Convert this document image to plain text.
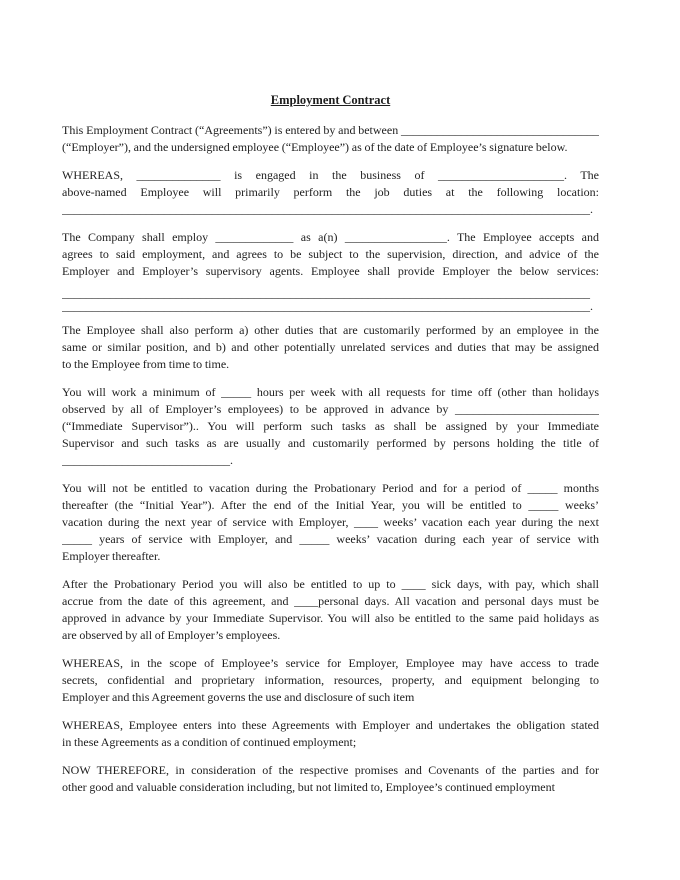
Employment Contract
This Employment Contract (“Agreements”) is entered by and between _________________________________
(“Employer”), and the undersigned employee (“Employee”) as of the date of Employee’s signature below.
WHEREAS, ______________ is engaged in the business of _____________________. The
above-named Employee will primarily perform the job duties at the following location:
________________________________________________________________________________________.
The Company shall employ _____________ as a(n) _________________. The Employee accepts and
agrees to said employment, and agrees to be subject to the supervision, direction, and advice of the
Employer and Employer’s supervisory agents. Employee shall provide Employer the below services:
________________________________________________________________________________________
________________________________________________________________________________________.
The Employee shall also perform a) other duties that are customarily performed by an employee in the
same or similar position, and b) and other potentially unrelated services and duties that may be assigned
to the Employee from time to time.
You will work a minimum of _____ hours per week with all requests for time off (other than holidays
observed by all of Employer’s employees) to be approved in advance by ________________________
(“Immediate Supervisor”).. You will perform such tasks as shall be assigned by your Immediate
Supervisor and such tasks as are usually and customarily performed by persons holding the title of
____________________________.
You will not be entitled to vacation during the Probationary Period and for a period of _____ months
thereafter (the “Initial Year”). After the end of the Initial Year, you will be entitled to _____ weeks’
vacation during the next year of service with Employer, ____ weeks’ vacation each year during the next
_____ years of service with Employer, and _____ weeks’ vacation during each year of service with
Employer thereafter.
After the Probationary Period you will also be entitled to up to ____ sick days, with pay, which shall
accrue from the date of this agreement, and ____personal days. All vacation and personal days must be
approved in advance by your Immediate Supervisor. You will also be entitled to the same paid holidays as
are observed by all of Employer’s employees.
WHEREAS, in the scope of Employee’s service for Employer, Employee may have access to trade
secrets, confidential and proprietary information, resources, property, and equipment belonging to
Employer and this Agreement governs the use and disclosure of such item
WHEREAS, Employee enters into these Agreements with Employer and undertakes the obligation stated
in these Agreements as a condition of continued employment;
NOW THEREFORE, in consideration of the respective promises and Covenants of the parties and for
other good and valuable consideration including, but not limited to, Employee’s continued employment
